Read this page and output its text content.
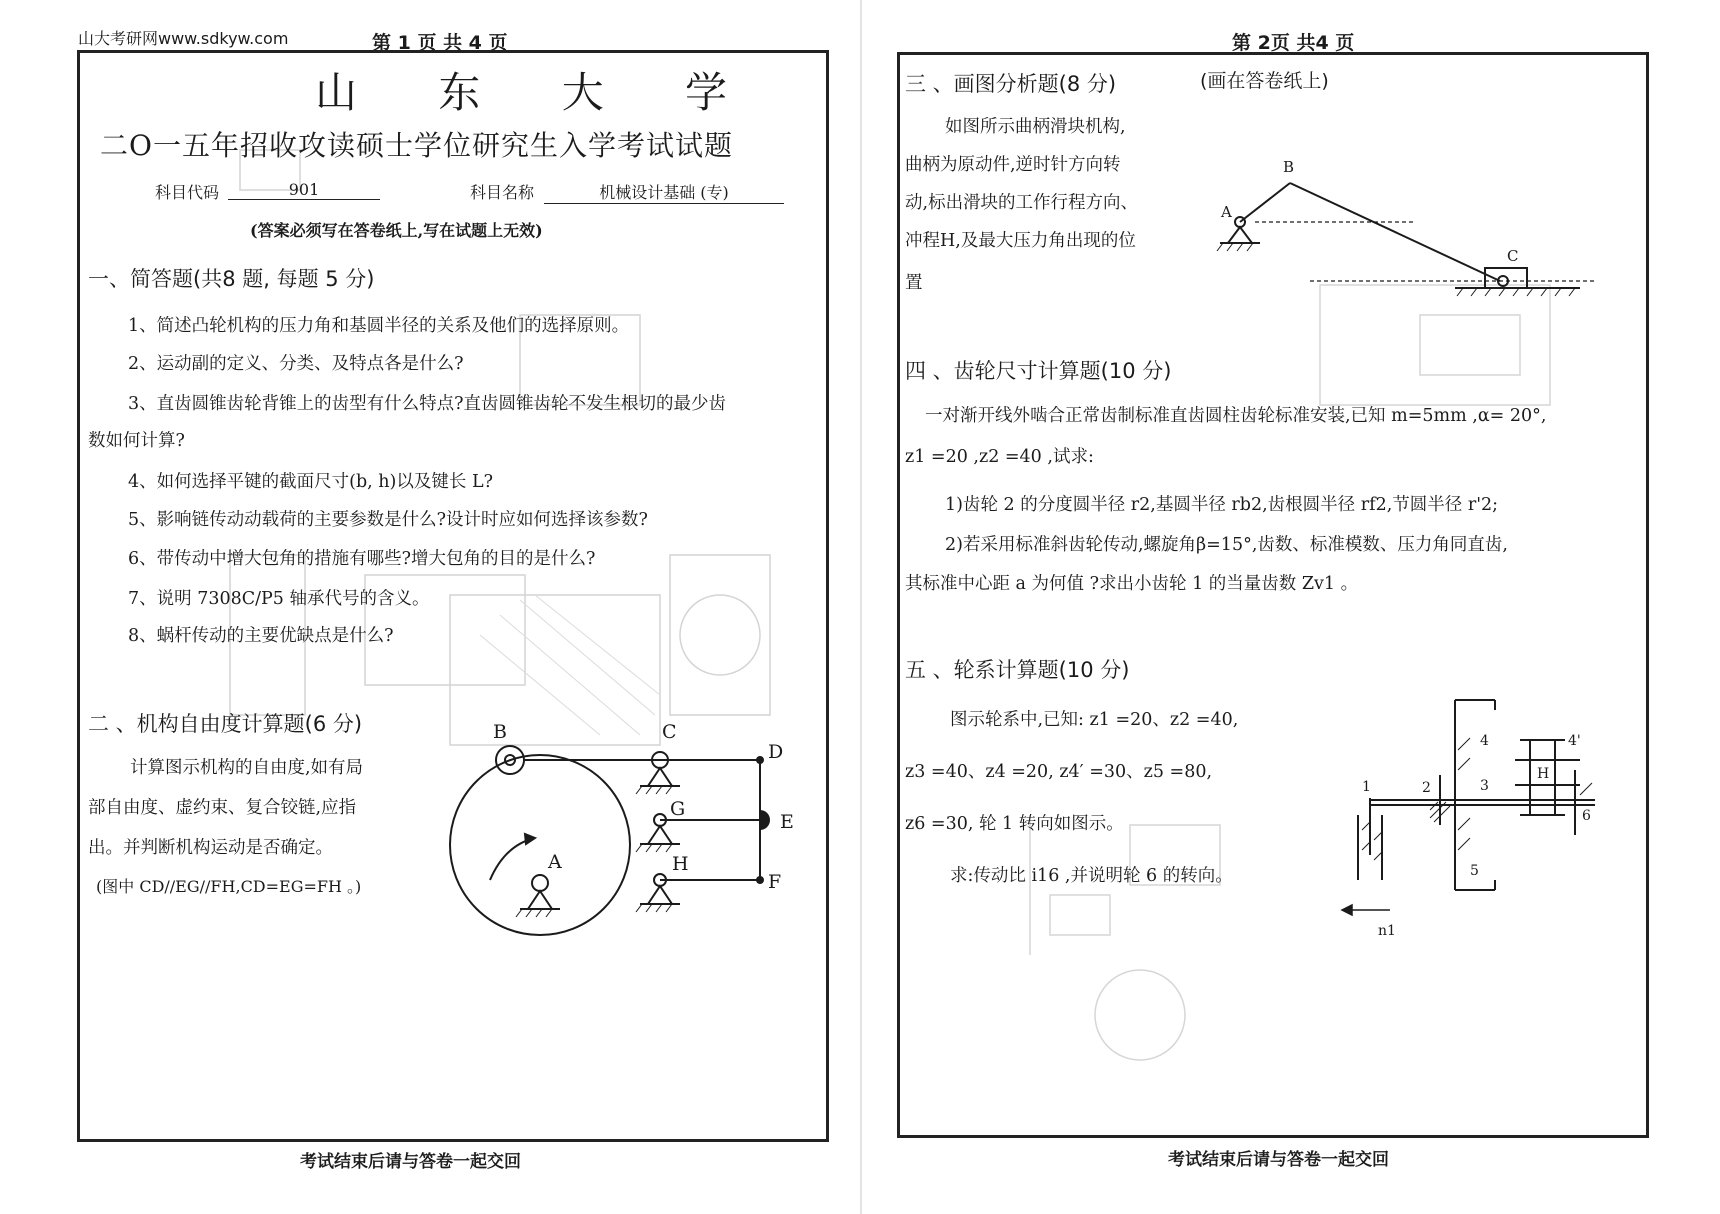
山大考研网www.sdkyw.com	第 1 页 共 4 页
山 东 大 学
二O一五年招收攻读硕士学位研究生入学考试试题
科目代码	901	科目名称	机械设计基础 (专)
(答案必须写在答卷纸上,写在试题上无效)
一、简答题(共8 题, 每题 5 分)
1、简述凸轮机构的压力角和基圆半径的关系及他们的选择原则。
2、运动副的定义、分类、及特点各是什么?
3、直齿圆锥齿轮背锥上的齿型有什么特点?直齿圆锥齿轮不发生根切的最少齿
数如何计算?
4、如何选择平键的截面尺寸(b, h)以及键长 L?
5、影响链传动动载荷的主要参数是什么?设计时应如何选择该参数?
6、带传动中增大包角的措施有哪些?增大包角的目的是什么?
7、说明 7308C/P5 轴承代号的含义。
8、蜗杆传动的主要优缺点是什么?
二 、机构自由度计算题(6 分)
计算图示机构的自由度,如有局
部自由度、虚约束、复合铰链,应指
出。并判断机构运动是否确定。
(图中 CD//EG//FH,CD=EG=FH 。)
B	C
D
G
E
A	H
F
考试结束后请与答卷一起交回
第 2页 共4 页
三 、画图分析题(8 分)	(画在答卷纸上)
如图所示曲柄滑块机构,
曲柄为原动件,逆时针方向转
动,标出滑块的工作行程方向、
冲程H,及最大压力角出现的位
置
B
A
C
四 、齿轮尺寸计算题(10 分)
一对渐开线外啮合正常齿制标准直齿圆柱齿轮标准安装,已知 m=5mm ,α= 20°,
z1 =20 ,z2 =40 ,试求:
1)齿轮 2 的分度圆半径 r2,基圆半径 rb2,齿根圆半径 rf2,节圆半径 r'2;
2)若采用标准斜齿轮传动,螺旋角β=15°,齿数、标准模数、压力角同直齿,
其标准中心距 a 为何值 ?求出小齿轮 1 的当量齿数 Zv1 。
五 、轮系计算题(10 分)
图示轮系中,已知: z1 =20、z2 =40,
z3 =40、z4 =20, z4′ =30、z5 =80,
z6 =30, 轮 1 转向如图示。
求:传动比 i16 ,并说明轮 6 的转向。
4	4'
H
3
2
1
6
5
n1
考试结束后请与答卷一起交回
